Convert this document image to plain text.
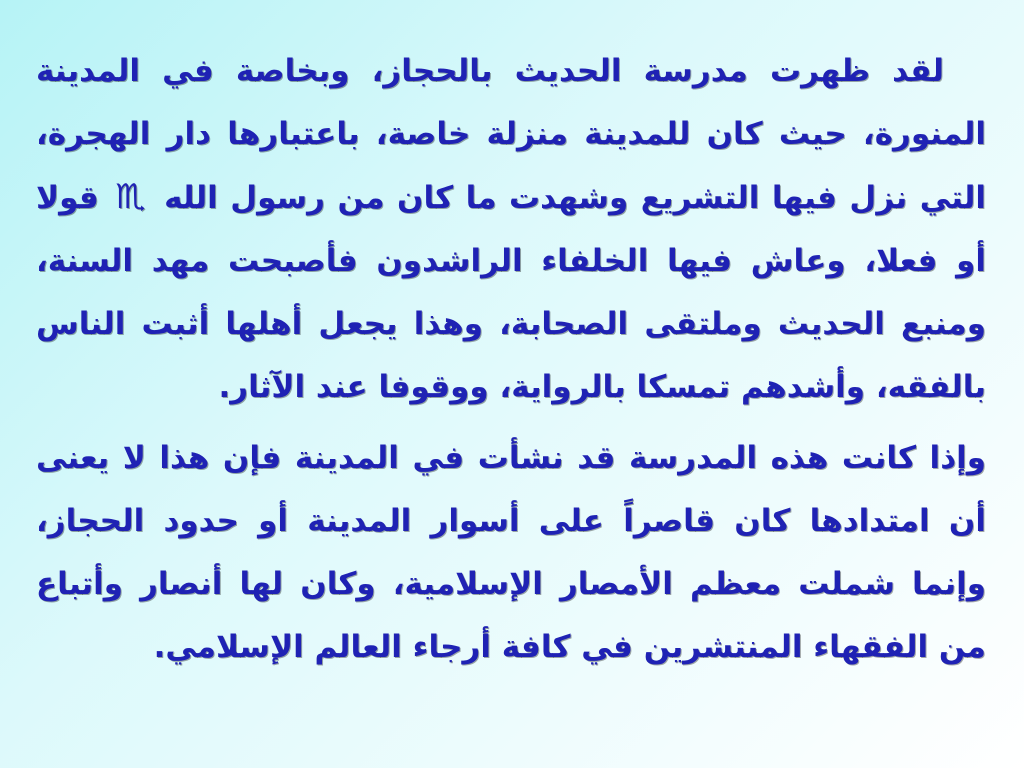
لقد ظهرت مدرسة الحديث بالحجاز، وبخاصة في المدينة المنورة، حيث كان للمدينة منزلة خاصة، باعتبارها دار الهجرة، التي نزل فيها التشريع وشهدت ما كان من رسول الله ♏ قولا أو فعلا، وعاش فيها الخلفاء الراشدون فأصبحت مهد السنة، ومنبع الحديث وملتقى الصحابة، وهذا يجعل أهلها أثبت الناس بالفقه، وأشدهم تمسكا بالرواية، ووقوفا عند الآثار.

وإذا كانت هذه المدرسة قد نشأت في المدينة فإن هذا لا يعنى أن امتدادها كان قاصراً على أسوار المدينة أو حدود الحجاز، وإنما شملت معظم الأمصار الإسلامية، وكان لها أنصار وأتباع من الفقهاء المنتشرين في كافة أرجاء العالم الإسلامي.
